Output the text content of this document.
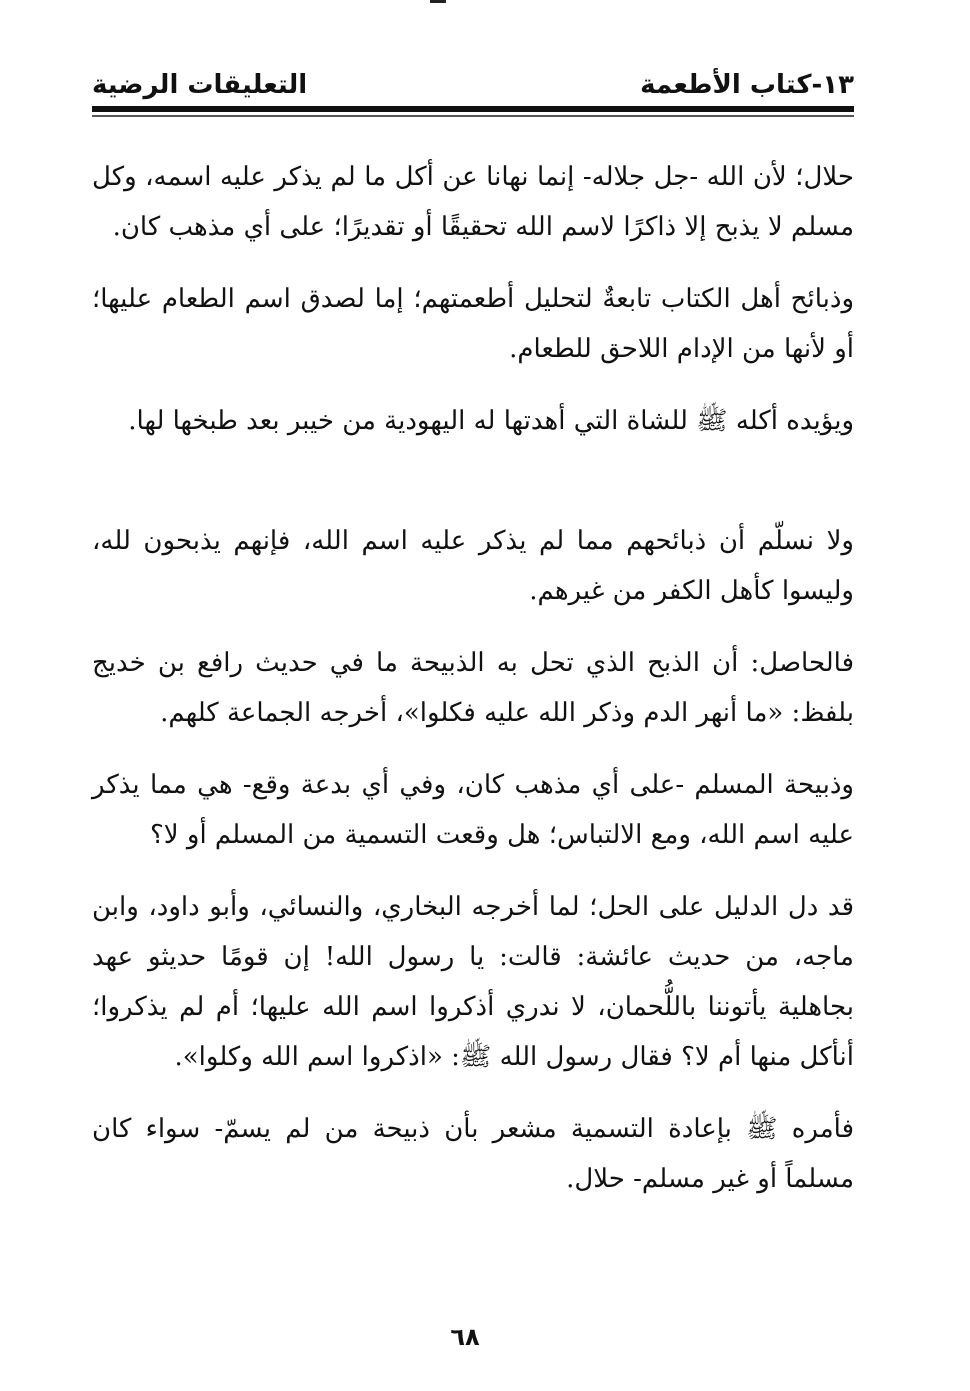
١٣-كتاب الأطعمة
التعليقات الرضية

حلال؛ لأن الله -جل جلاله- إنما نهانا عن أكل ما لم يذكر عليه اسمه، وكل مسلم لا يذبح إلا ذاكرًا لاسم الله تحقيقًا أو تقديرًا؛ على أي مذهب كان.

وذبائح أهل الكتاب تابعةٌ لتحليل أطعمتهم؛ إما لصدق اسم الطعام عليها؛ أو لأنها من الإدام اللاحق للطعام.

ويؤيده أكله ﷺ للشاة التي أهدتها له اليهودية من خيبر بعد طبخها لها.

ولا نسلّم أن ذبائحهم مما لم يذكر عليه اسم الله، فإنهم يذبحون لله، وليسوا كأهل الكفر من غيرهم.

فالحاصل: أن الذبح الذي تحل به الذبيحة ما في حديث رافع بن خديج بلفظ: «ما أنهر الدم وذكر الله عليه فكلوا»، أخرجه الجماعة كلهم.

وذبيحة المسلم -على أي مذهب كان، وفي أي بدعة وقع- هي مما يذكر عليه اسم الله، ومع الالتباس؛ هل وقعت التسمية من المسلم أو لا؟

قد دل الدليل على الحل؛ لما أخرجه البخاري، والنسائي، وأبو داود، وابن ماجه، من حديث عائشة: قالت: يا رسول الله! إن قومًا حديثو عهد بجاهلية يأتوننا باللُّحمان، لا ندري أذكروا اسم الله عليها؛ أم لم يذكروا؛ أنأكل منها أم لا؟ فقال رسول الله ﷺ: «اذكروا اسم الله وكلوا».

فأمره ﷺ بإعادة التسمية مشعر بأن ذبيحة من لم يسمّ- سواء كان مسلماً أو غير مسلم- حلال.

٦٨
